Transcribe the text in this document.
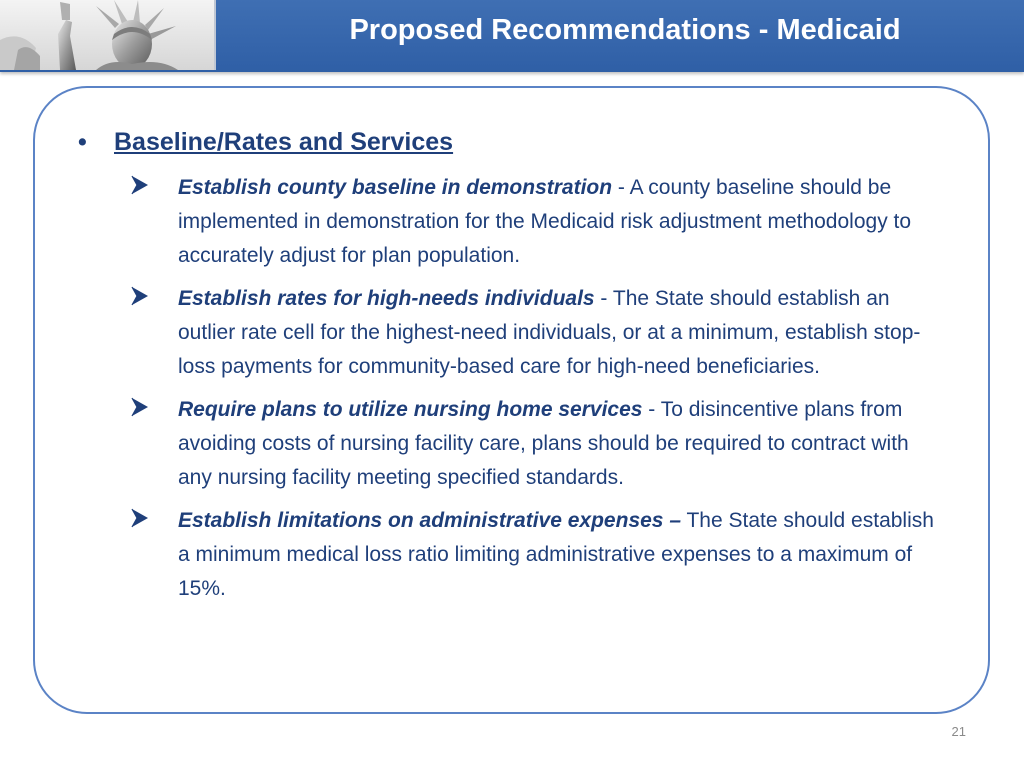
Proposed Recommendations - Medicaid
•	Baseline/Rates and Services
Establish county baseline in demonstration - A county baseline should be implemented in demonstration for the Medicaid risk adjustment methodology to accurately adjust for plan population.
Establish rates for high-needs individuals - The State should establish an outlier rate cell for the highest-need individuals, or at a minimum, establish stop-loss payments for community-based care for high-need beneficiaries.
Require plans to utilize nursing home services - To disincentive plans from avoiding costs of nursing facility care, plans should be required to contract with any nursing facility meeting specified standards.
Establish limitations on administrative expenses – The State should establish a minimum medical loss ratio limiting administrative expenses to a maximum of 15%.
21
